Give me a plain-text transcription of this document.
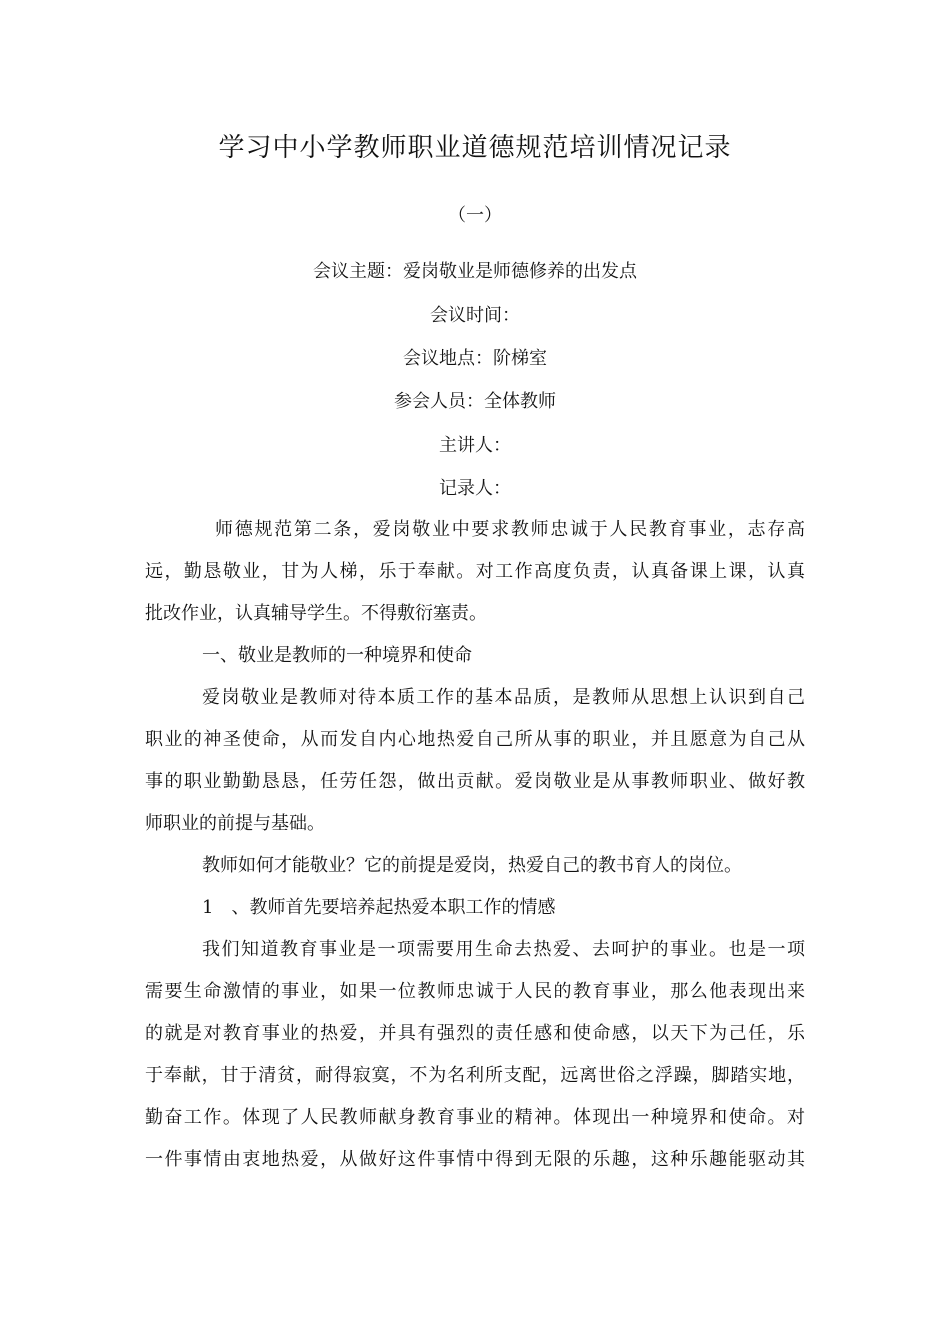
学习中小学教师职业道德规范培训情况记录
（一）
会议主题：爱岗敬业是师德修养的出发点
会议时间：
会议地点：阶梯室
参会人员：全体教师
主讲人：
记录人：
师德规范第二条，爱岗敬业中要求教师忠诚于人民教育事业，志存高
远，勤恳敬业，甘为人梯，乐于奉献。对工作高度负责，认真备课上课，认真
批改作业，认真辅导学生。不得敷衍塞责。
一、敬业是教师的一种境界和使命
爱岗敬业是教师对待本质工作的基本品质，是教师从思想上认识到自己
职业的神圣使命，从而发自内心地热爱自己所从事的职业，并且愿意为自己从
事的职业勤勤恳恳，任劳任怨，做出贡献。爱岗敬业是从事教师职业、做好教
师职业的前提与基础。
教师如何才能敬业？它的前提是爱岗，热爱自己的教书育人的岗位。
1　、教师首先要培养起热爱本职工作的情感
我们知道教育事业是一项需要用生命去热爱、去呵护的事业。也是一项
需要生命激情的事业，如果一位教师忠诚于人民的教育事业，那么他表现出来
的就是对教育事业的热爱，并具有强烈的责任感和使命感，以天下为己任，乐
于奉献，甘于清贫，耐得寂寞，不为名利所支配，远离世俗之浮躁，脚踏实地，
勤奋工作。体现了人民教师献身教育事业的精神。体现出一种境界和使命。对
一件事情由衷地热爱，从做好这件事情中得到无限的乐趣，这种乐趣能驱动其
